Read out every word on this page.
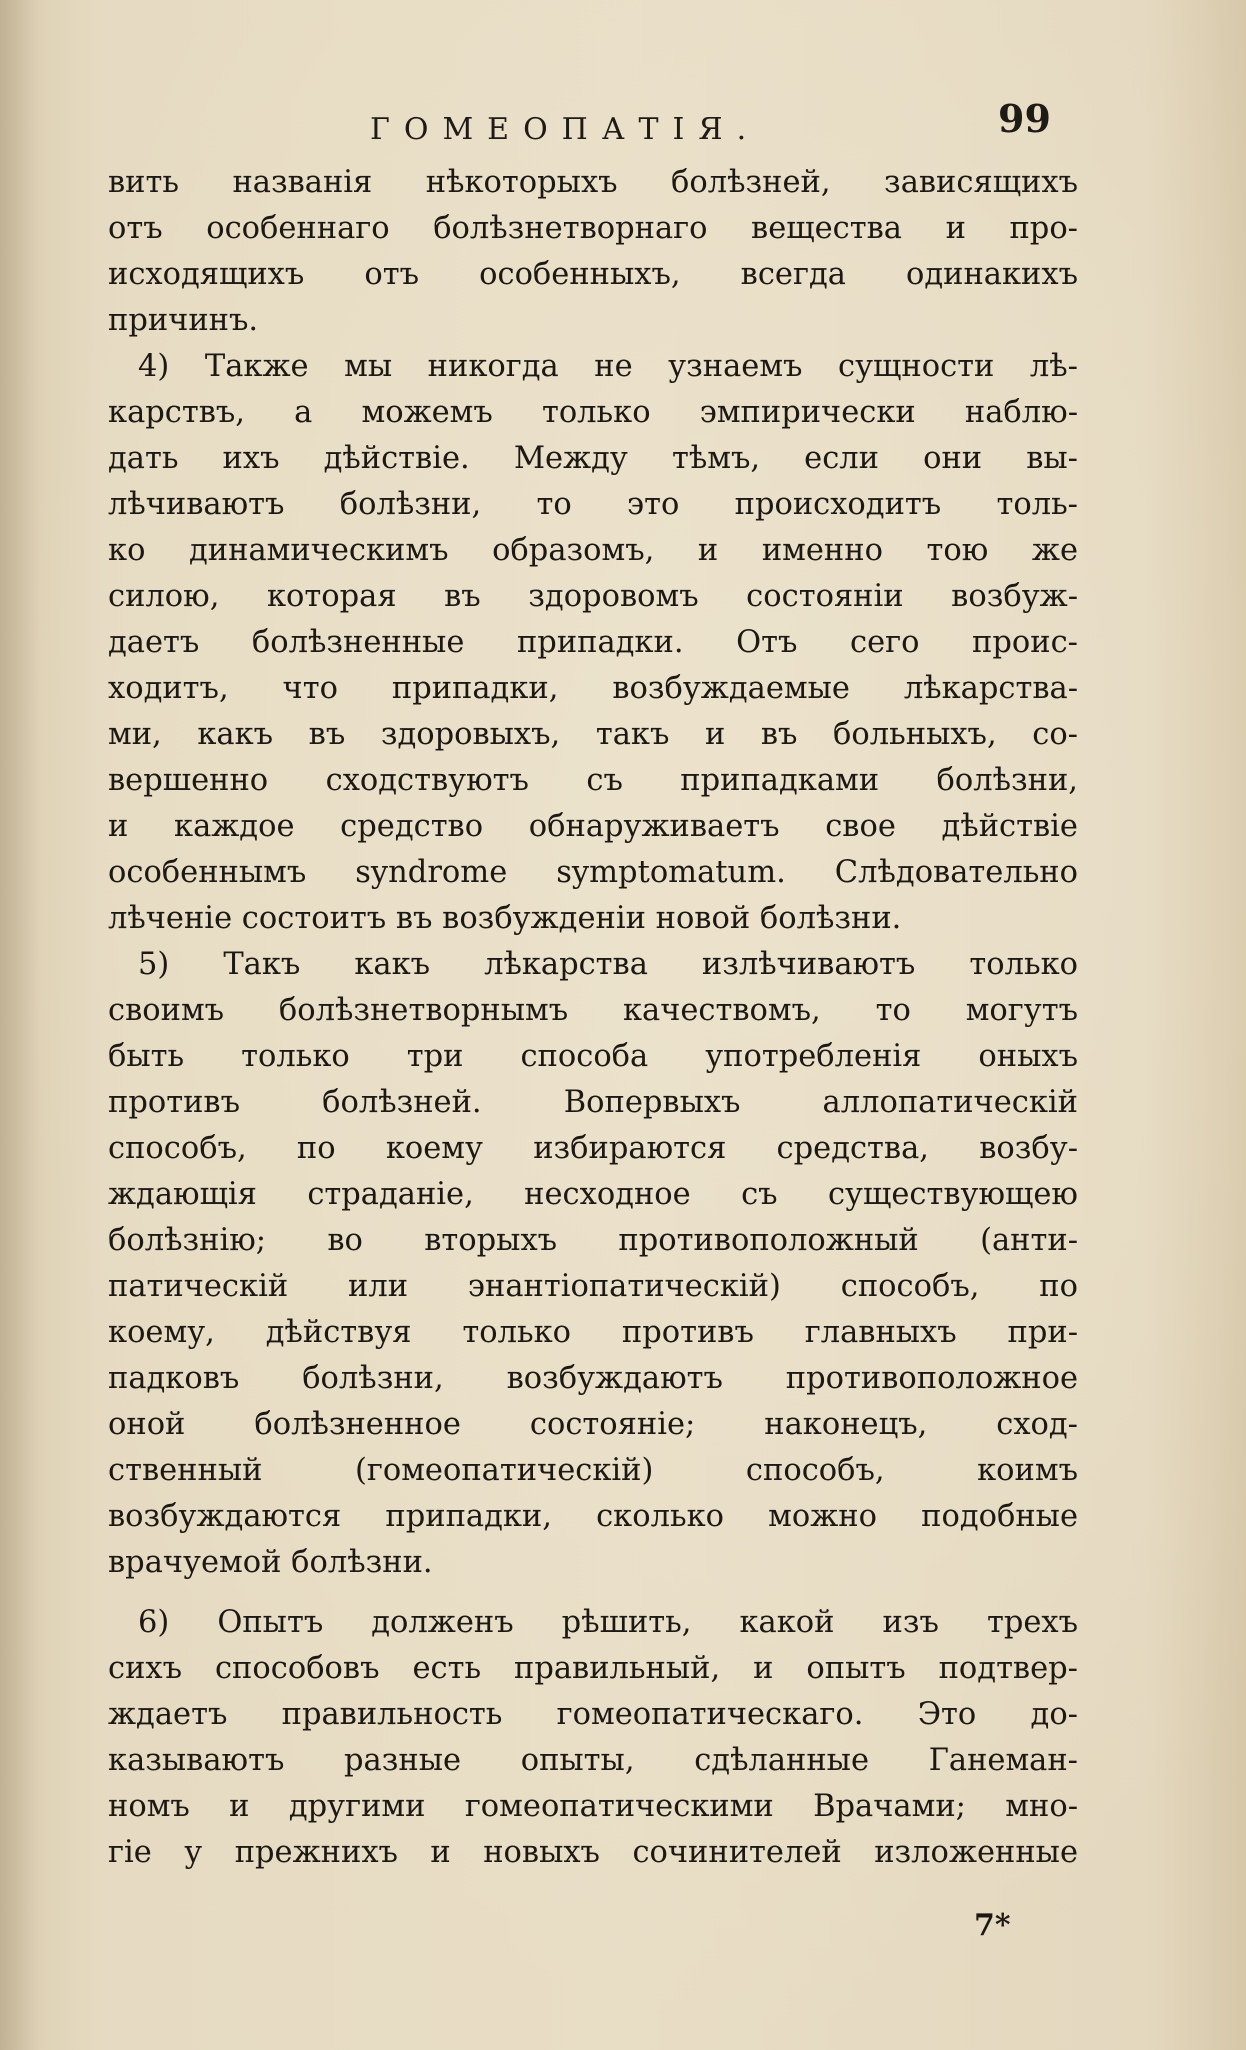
ГОМЕОПАТІЯ.	99
вить названія нѣкоторыхъ болѣзней, зависящихъ
отъ особеннаго болѣзнетворнаго вещества и про-
исходящихъ отъ особенныхъ, всегда одинакихъ
причинъ.
4) Также мы никогда не узнаемъ сущности лѣ-
карствъ, а можемъ только эмпирически наблю-
дать ихъ дѣйствіе. Между тѣмъ, если они вы-
лѣчиваютъ болѣзни, то это происходитъ толь-
ко динамическимъ образомъ, и именно тою же
силою, которая въ здоровомъ состояніи возбуж-
даетъ болѣзненные припадки. Отъ сего проис-
ходитъ, что припадки, возбуждаемые лѣкарства-
ми, какъ въ здоровыхъ, такъ и въ больныхъ, со-
вершенно сходствуютъ съ припадками болѣзни,
и каждое средство обнаруживаетъ свое дѣйствіе
особеннымъ syndrome symptomatum. Слѣдовательно
лѣченіе состоитъ въ возбужденіи новой болѣзни.
5) Такъ какъ лѣкарства излѣчиваютъ только
своимъ болѣзнетворнымъ качествомъ, то могутъ
быть только три способа употребленія оныхъ
противъ болѣзней. Вопервыхъ аллопатическій
способъ, по коему избираются средства, возбу-
ждающія страданіе, несходное съ существующею
болѣзнію; во вторыхъ противоположный (анти-
патическій или энантіопатическій) способъ, по
коему, дѣйствуя только противъ главныхъ при-
падковъ болѣзни, возбуждаютъ противоположное
оной болѣзненное состояніе; наконецъ, сход-
ственный (гомеопатическій) способъ, коимъ
возбуждаются припадки, сколько можно подобные
врачуемой болѣзни.
6) Опытъ долженъ рѣшить, какой изъ трехъ
сихъ способовъ есть правильный, и опытъ подтвер-
ждаетъ правильность гомеопатическаго. Это до-
казываютъ разные опыты, сдѣланные Ганеман-
номъ и другими гомеопатическими Врачами; мно-
гіе у прежнихъ и новыхъ сочинителей изложенные
7*
